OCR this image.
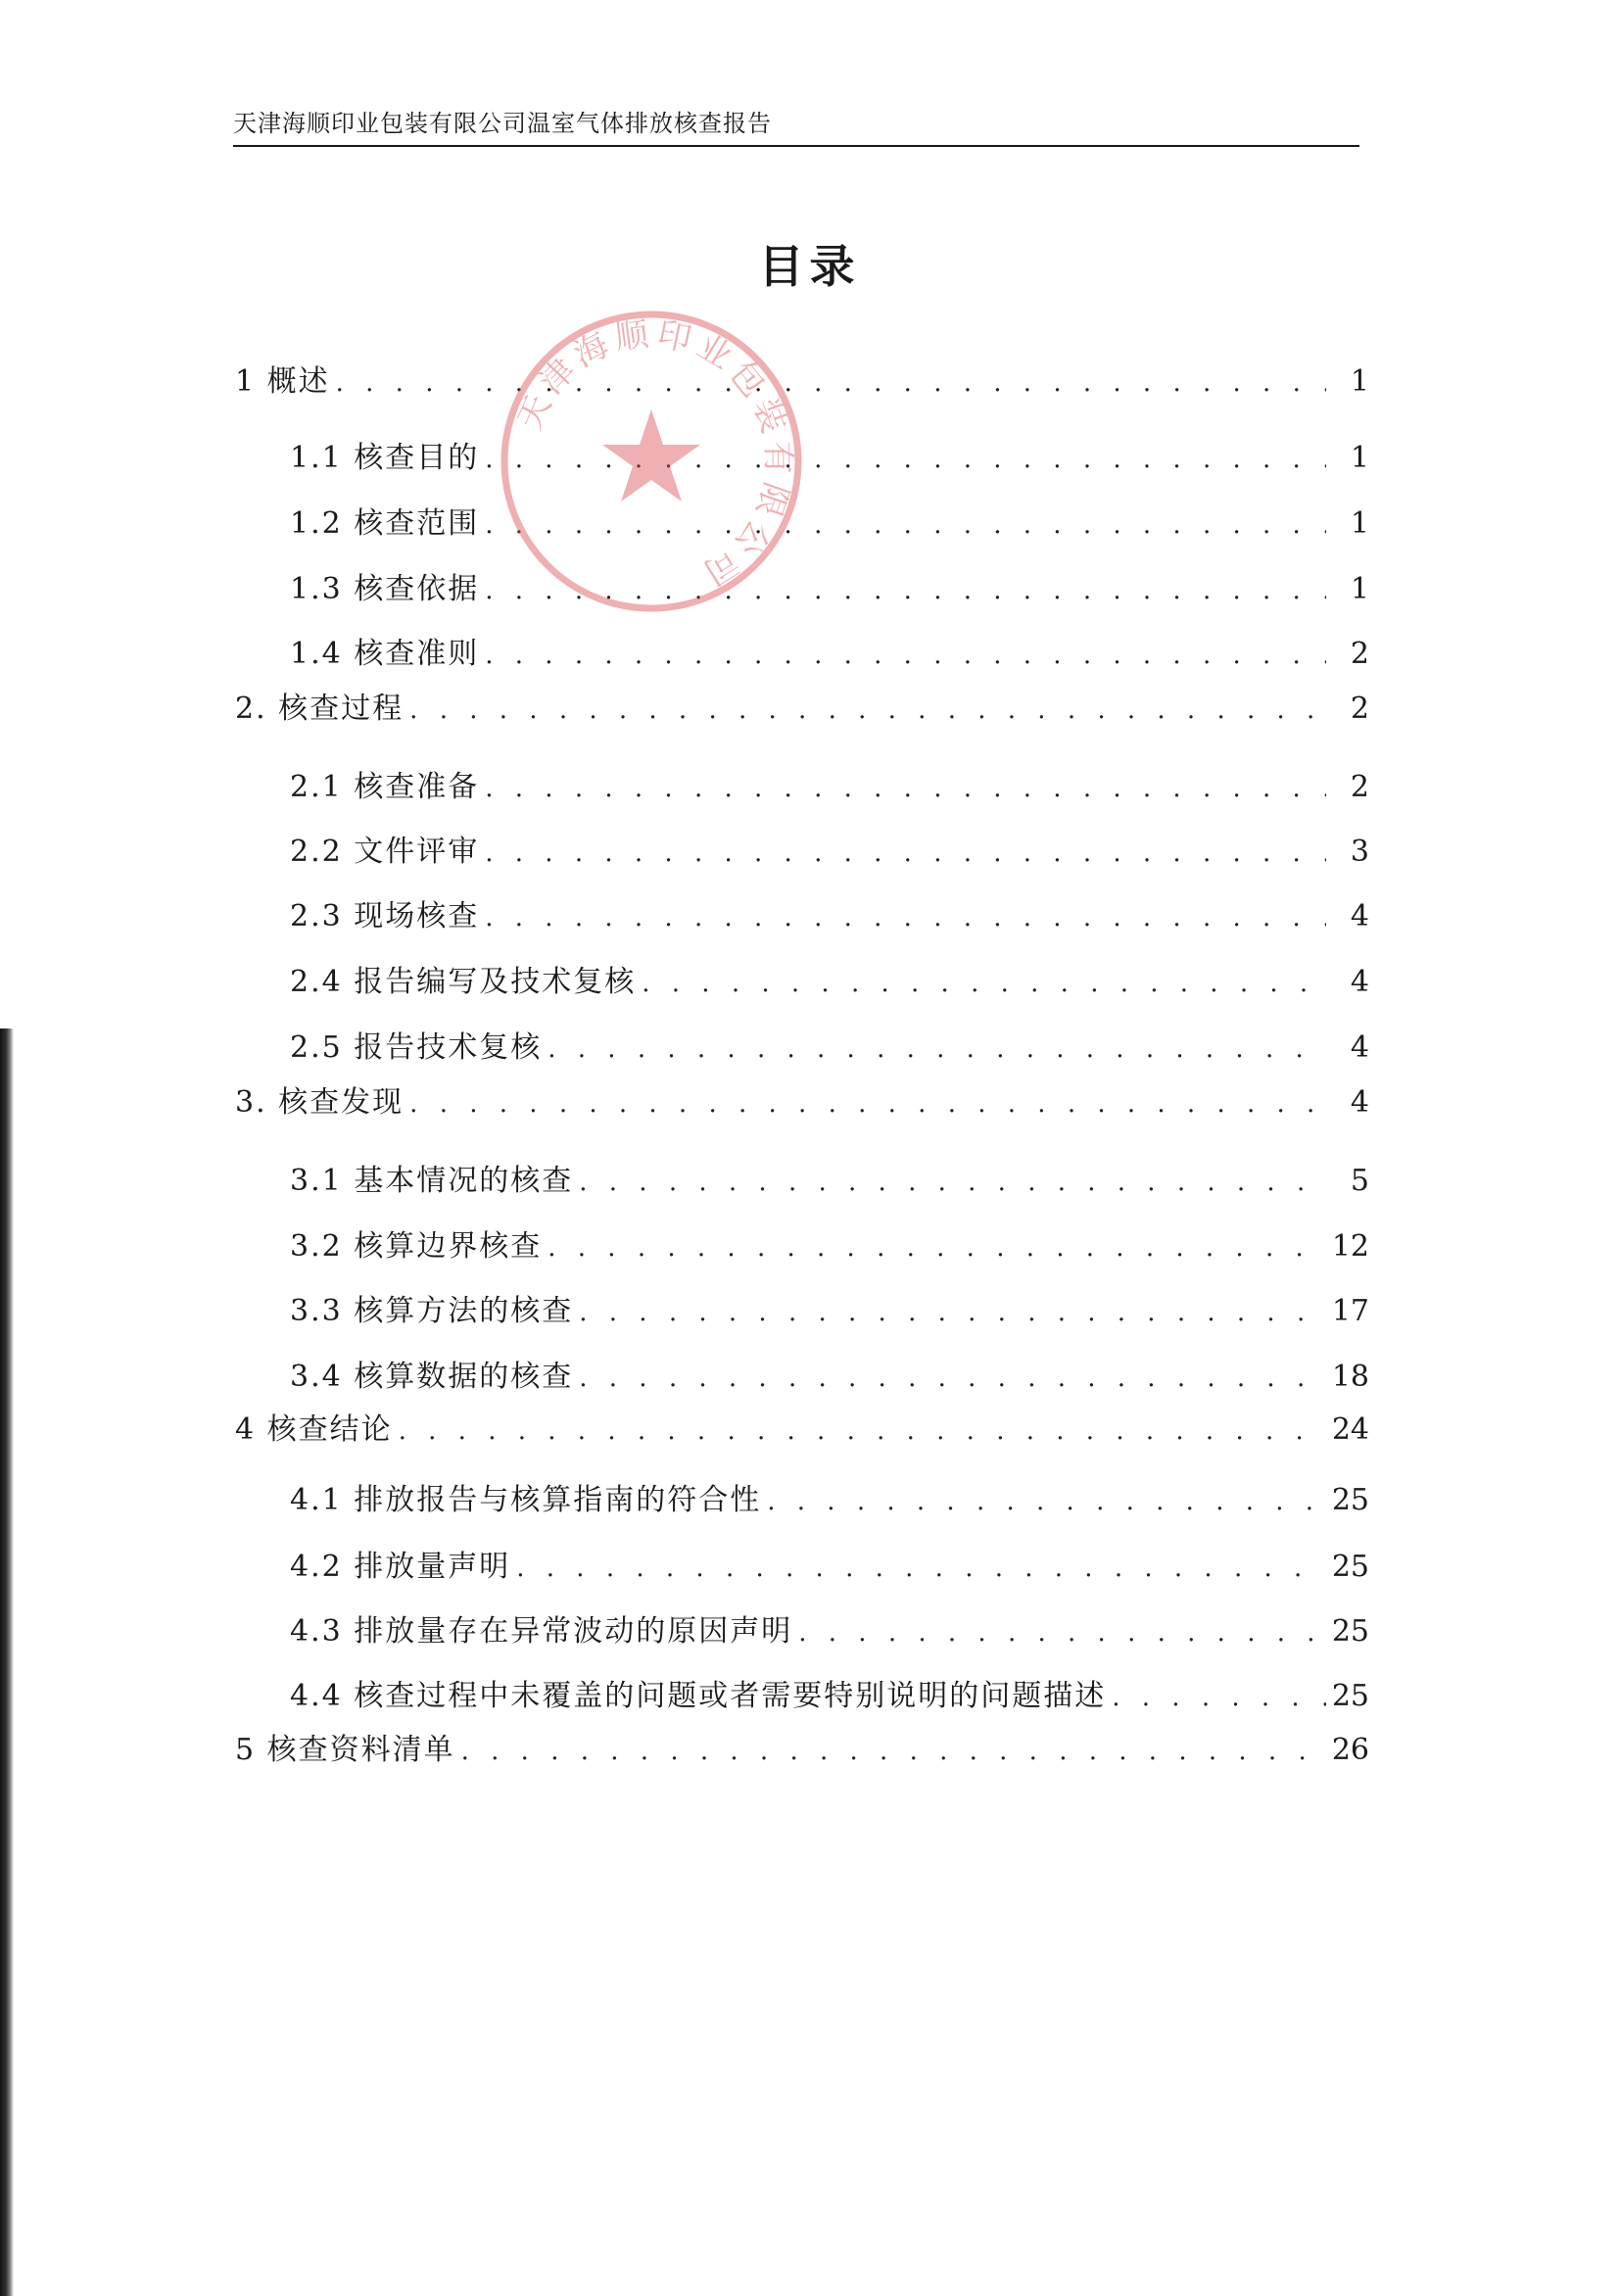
天津海顺印业包装有限公司温室气体排放核查报告
目录
1 概述 . . .	1
1.1 核查目的 . . .	1
1.2 核查范围 . . .	1
1.3 核查依据 . . .	1
1.4 核查准则 . . .	2
2. 核查过程 . . .	2
2.1 核查准备 . . .	2
2.2 文件评审 . . .	3
2.3 现场核查 . . .	4
2.4 报告编写及技术复核 . . .	4
2.5 报告技术复核 . . .	4
3. 核查发现 . . .	4
3.1 基本情况的核查 . . .	5
3.2 核算边界核查 . . .	12
3.3 核算方法的核查 . . .	17
3.4 核算数据的核查 . . .	18
4 核查结论 . . .	24
4.1 排放报告与核算指南的符合性 . . .	25
4.2 排放量声明 . . .	25
4.3 排放量存在异常波动的原因声明 . . .	25
4.4 核查过程中未覆盖的问题或者需要特别说明的问题描述 . . .	25
5 核查资料清单 . . .	26
天津海顺印业包装有限公司
